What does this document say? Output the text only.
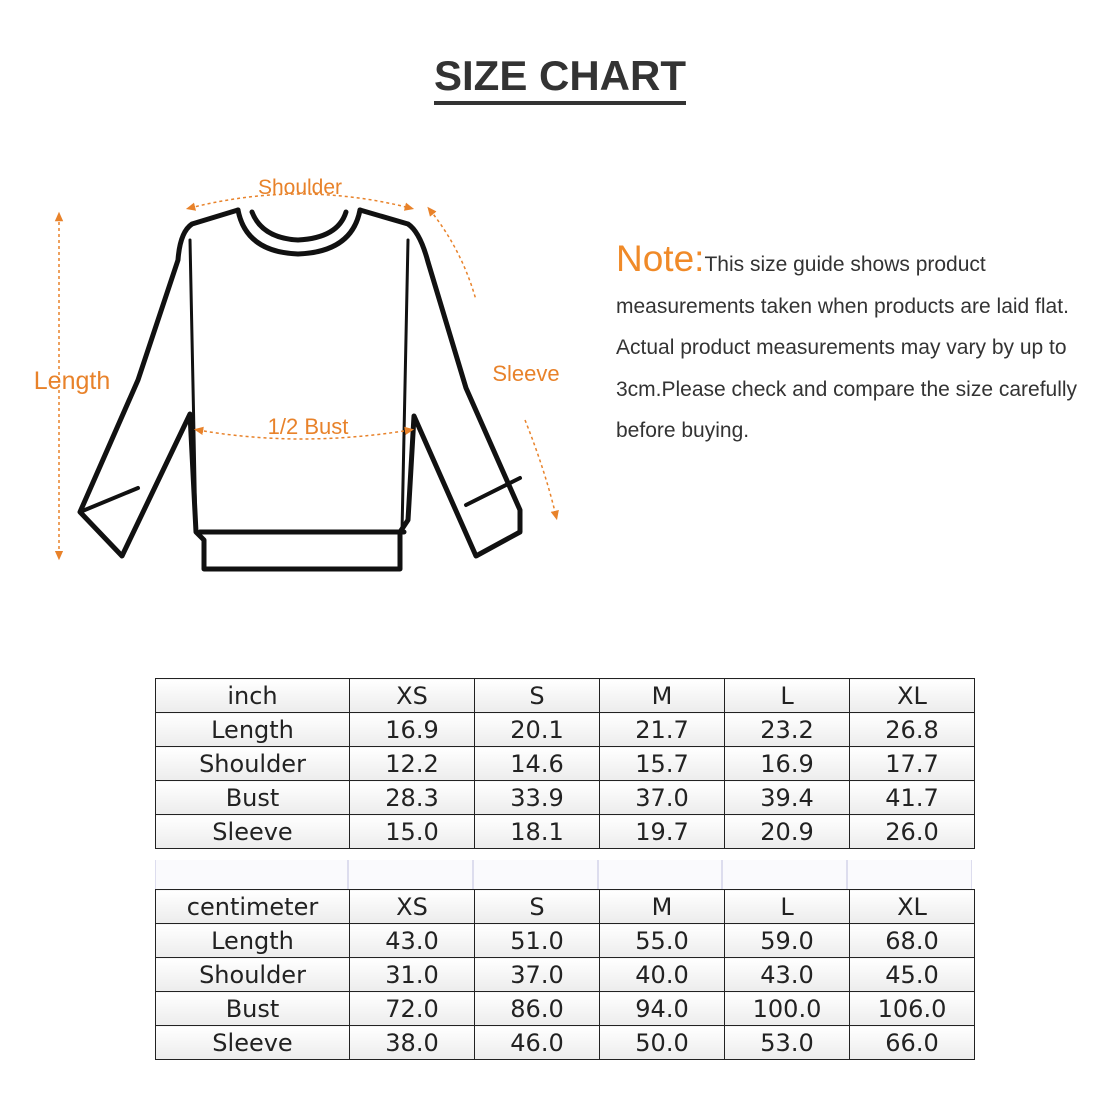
SIZE CHART
Shoulder
Length	Sleeve
1/2 Bust
Note:This size guide shows product measurements taken when products are laid flat. Actual product measurements may vary by up to 3cm.Please check and compare the size carefully before buying.
inch	XS	S	M	L	XL
Length	16.9	20.1	21.7	23.2	26.8
Shoulder	12.2	14.6	15.7	16.9	17.7
Bust	28.3	33.9	37.0	39.4	41.7
Sleeve	15.0	18.1	19.7	20.9	26.0
centimeter	XS	S	M	L	XL
Length	43.0	51.0	55.0	59.0	68.0
Shoulder	31.0	37.0	40.0	43.0	45.0
Bust	72.0	86.0	94.0	100.0	106.0
Sleeve	38.0	46.0	50.0	53.0	66.0
